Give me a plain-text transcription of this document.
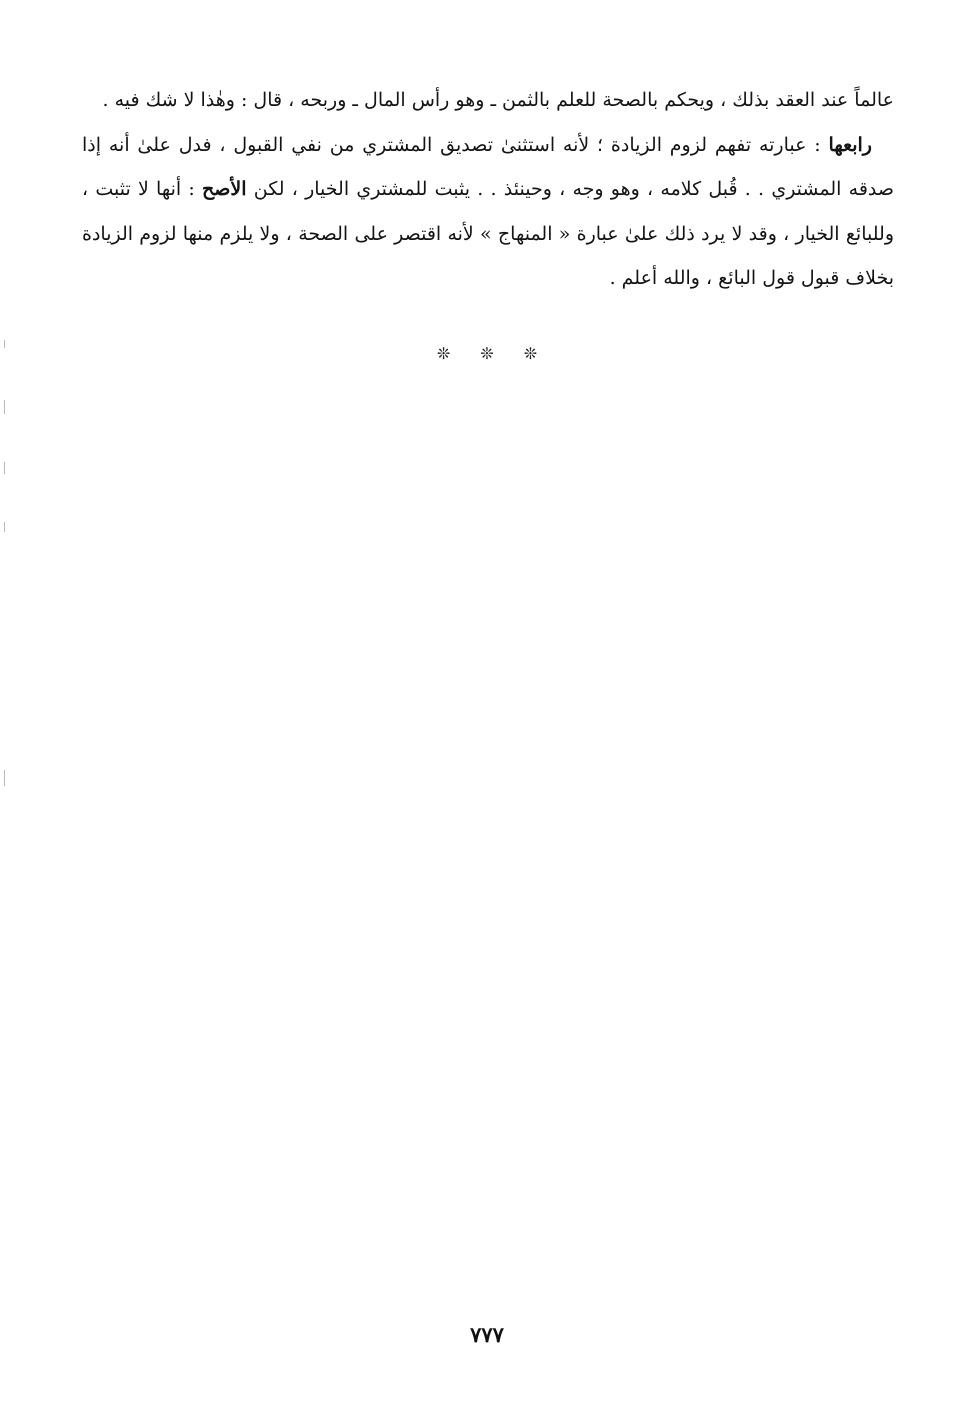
عالماً عند العقد بذلك ، ويحكم بالصحة للعلم بالثمن ـ وهو رأس المال ـ وربحه ، قال : وهٰذا لا شك فيه .

رابعها : عبارته تفهم لزوم الزيادة ؛ لأنه استثنىٰ تصديق المشتري من نفي القبول ، فدل علىٰ أنه إذا صدقه المشتري . . قُبل كلامه ، وهو وجه ، وحينئذ . . يثبت للمشتري الخيار ، لكن الأصح : أنها لا تثبت ، وللبائع الخيار ، وقد لا يرد ذلك علىٰ عبارة « المنهاج » لأنه اقتصر على الصحة ، ولا يلزم منها لزوم الزيادة بخلاف قبول قول البائع ، والله أعلم .

❊ ❊ ❊
٧٧٧
